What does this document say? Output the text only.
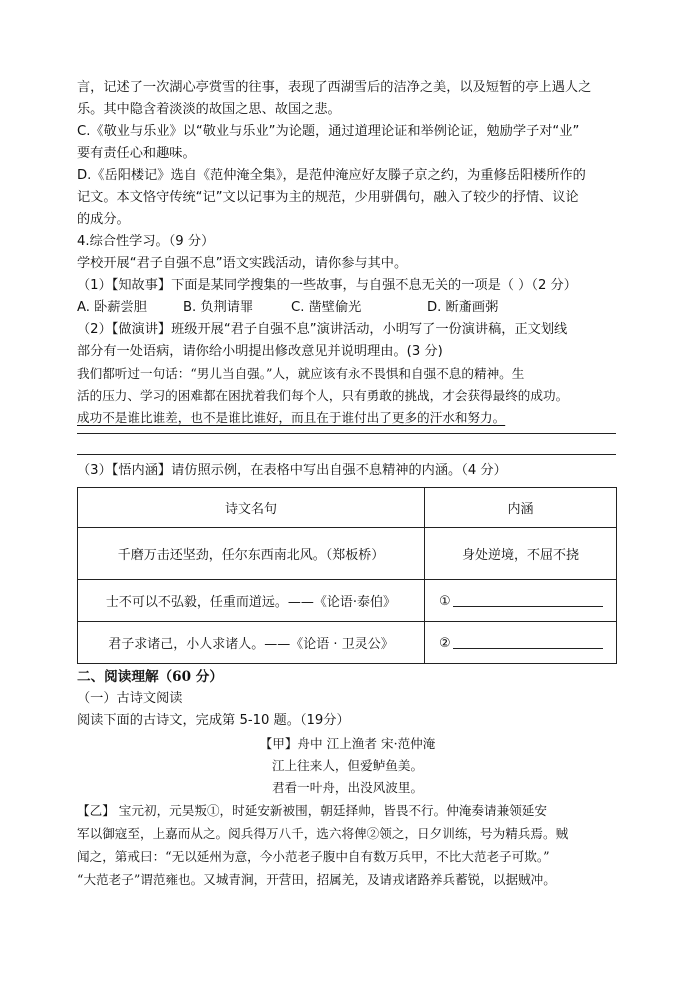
言，记述了一次湖心亭赏雪的往事，表现了西湖雪后的洁净之美，以及短暂的亭上遇人之
乐。其中隐含着淡淡的故国之思、故国之悲。
C.《敬业与乐业》以“敬业与乐业”为论题，通过道理论证和举例论证，勉励学子对“业”
要有责任心和趣味。
D.《岳阳楼记》选自《范仲淹全集》，是范仲淹应好友滕子京之约，为重修岳阳楼所作的
记文。本文恪守传统“记”文以记事为主的规范，少用骈偶句，融入了较少的抒情、议论
的成分。
4.综合性学习。（9 分）
学校开展“君子自强不息”语文实践活动，请你参与其中。
（1）【知故事】下面是某同学搜集的一些故事，与自强不息无关的一项是（ ）（2 分）
A. 卧薪尝胆	B. 负荆请罪	C. 凿壁偷光	D. 断齑画粥
（2）【做演讲】班级开展“君子自强不息”演讲活动，小明写了一份演讲稿，正文划线
部分有一处语病，请你给小明提出修改意见并说明理由。(3 分)
我们都听过一句话：“男儿当自强。”人，就应该有永不畏惧和自强不息的精神。生
活的压力、学习的困难都在困扰着我们每个人，只有勇敢的挑战，才会获得最终的成功。
成功不是谁比谁差，也不是谁比谁好，而且在于谁付出了更多的汗水和努力。
（3）【悟内涵】请仿照示例，在表格中写出自强不息精神的内涵。（4 分）
诗文名句	内涵
千磨万击还坚劲，任尔东西南北风。（郑板桥）	身处逆境，不屈不挠
士不可以不弘毅，任重而道远。——《论语·泰伯》	①
君子求诸己，小人求诸人。——《论语 · 卫灵公》	②
二、阅读理解（60 分）
（一）古诗文阅读
阅读下面的古诗文，完成第 5-10 题。（19分）
【甲】舟中 江上渔者 宋·范仲淹
江上往来人，但爱鲈鱼美。
君看一叶舟，出没风波里。
【乙】 宝元初，元昊叛①，时延安新被围，朝廷择帅，皆畏不行。仲淹奏请兼领延安
军以御寇至，上嘉而从之。阅兵得万八千，选六将俾②领之，日夕训练，号为精兵焉。贼
闻之，第戒曰：“无以延州为意，今小范老子腹中自有数万兵甲，不比大范老子可欺。”
“大范老子”谓范雍也。又城青涧，开营田，招属羌，及请戎诸路养兵蓄锐，以据贼冲。
